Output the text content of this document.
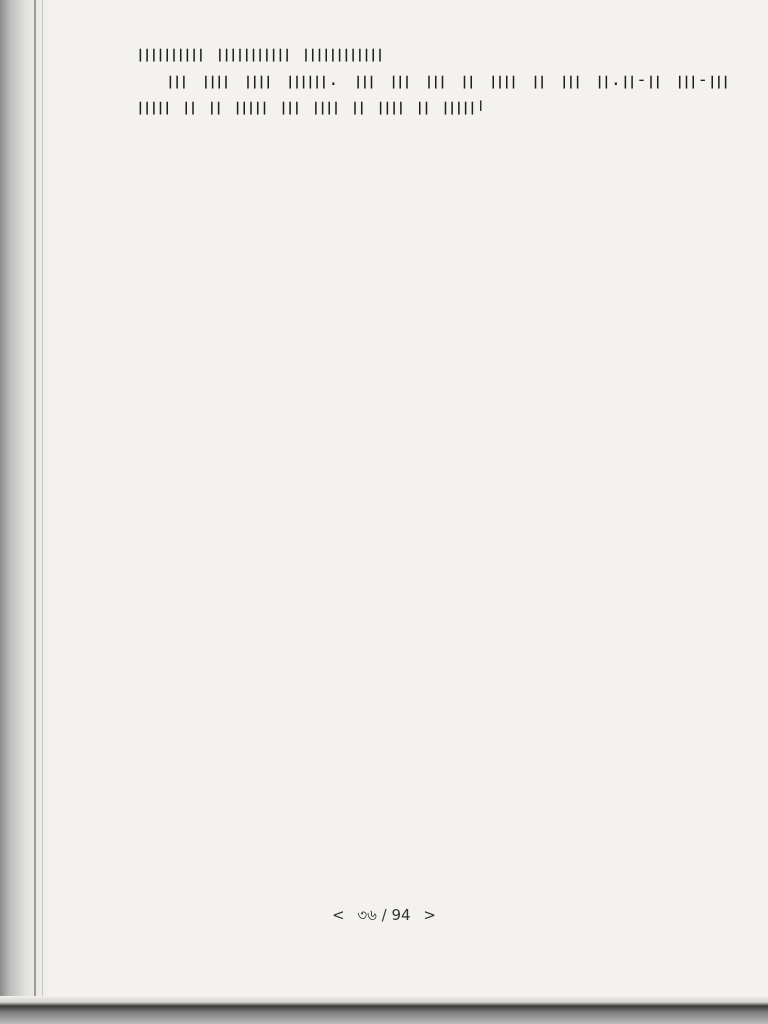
ꞁꞁꞁꞁꞁꞁꞁꞁꞁꞁ ꞁꞁꞁꞁꞁꞁꞁꞁꞁꞁꞁ ꞁꞁꞁꞁꞁꞁꞁꞁꞁꞁꞁꞁ

ꞁꞁꞁ ꞁꞁꞁꞁ ꞁꞁꞁꞁ ꞁꞁꞁꞁꞁꞁ. ꞁꞁꞁ ꞁꞁꞁ ꞁꞁꞁ ꞁꞁ ꞁꞁꞁꞁ ꞁꞁ ꞁꞁꞁ ꞁꞁ.ꞁꞁ-ꞁꞁ ꞁꞁꞁ-ꞁꞁꞁ ꞁꞁꞁꞁꞁ ꞁꞁ ꞁꞁ ꞁꞁꞁꞁꞁ ꞁꞁꞁ ꞁꞁꞁꞁ ꞁꞁ ꞁꞁꞁꞁ ꞁꞁ ꞁꞁꞁꞁꞁ।

< ৩৬ / 94 >
